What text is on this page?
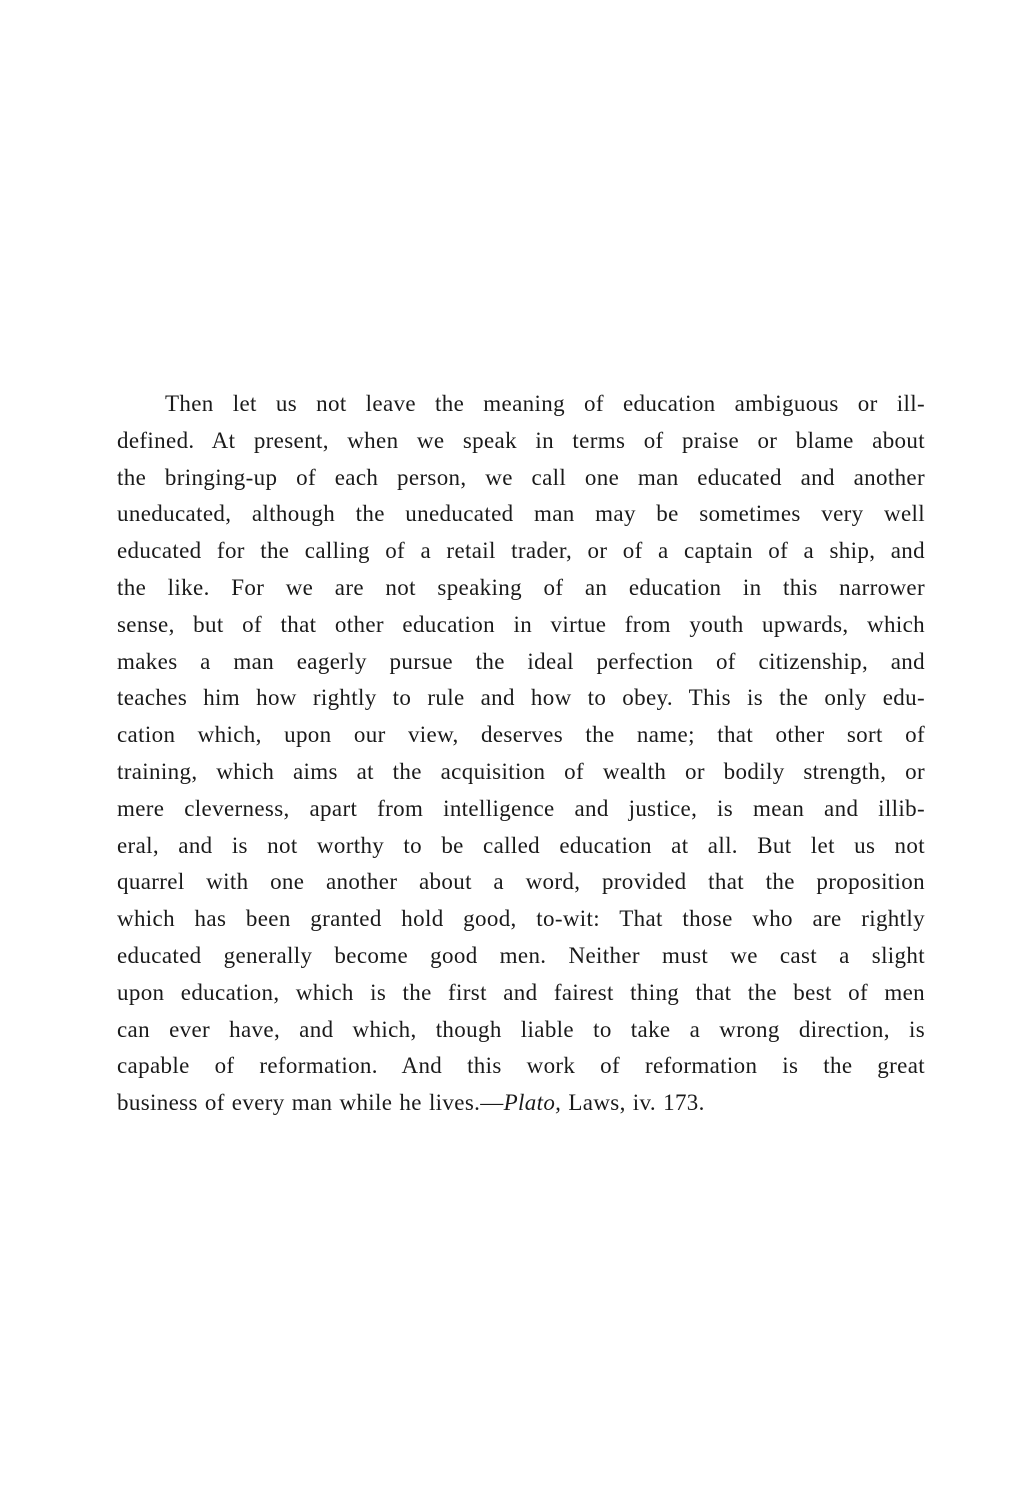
Then let us not leave the meaning of education ambiguous or ill-
defined. At present, when we speak in terms of praise or blame about
the bringing-up of each person, we call one man educated and another
uneducated, although the uneducated man may be sometimes very well
educated for the calling of a retail trader, or of a captain of a ship, and
the like. For we are not speaking of an education in this narrower
sense, but of that other education in virtue from youth upwards, which
makes a man eagerly pursue the ideal perfection of citizenship, and
teaches him how rightly to rule and how to obey. This is the only edu-
cation which, upon our view, deserves the name; that other sort of
training, which aims at the acquisition of wealth or bodily strength, or
mere cleverness, apart from intelligence and justice, is mean and illib-
eral, and is not worthy to be called education at all. But let us not
quarrel with one another about a word, provided that the proposition
which has been granted hold good, to-wit: That those who are rightly
educated generally become good men. Neither must we cast a slight
upon education, which is the first and fairest thing that the best of men
can ever have, and which, though liable to take a wrong direction, is
capable of reformation. And this work of reformation is the great
business of every man while he lives.—Plato, Laws, iv. 173.
